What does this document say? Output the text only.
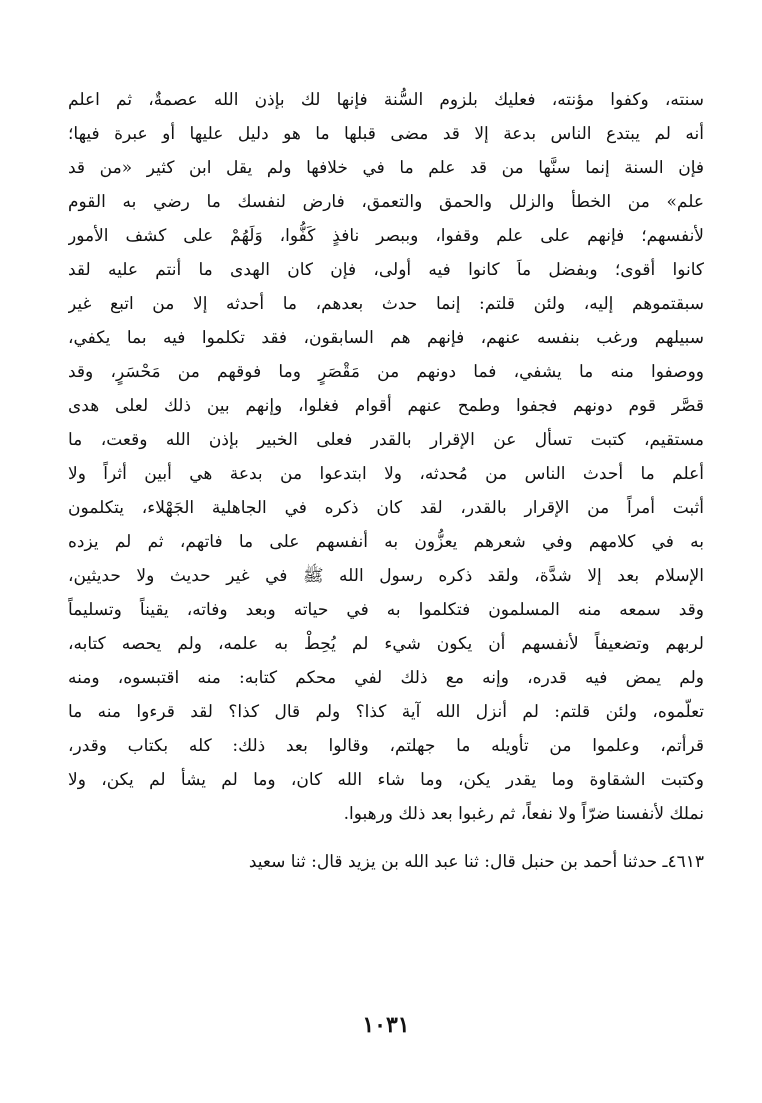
سنته، وكفوا مؤنته، فعليك بلزوم السُّنة فإنها لك بإذن الله عصمةٌ، ثم اعلم
أنه لم يبتدع الناس بدعة إلا قد مضى قبلها ما هو دليل عليها أو عبرة فيها؛
فإن السنة إنما سنَّها من قد علم ما في خلافها ولم يقل ابن كثير «من قد
علم» من الخطأ والزلل والحمق والتعمق، فارض لنفسك ما رضي به القوم
لأنفسهم؛ فإنهم على علم وقفوا، وببصر نافذٍ كَفُّوا، وَلَهُمْ على كشف الأمور
كانوا أقوى؛ وبفضل ماَ كانوا فيه أولى، فإن كان الهدى ما أنتم عليه لقد
سبقتموهم إليه، ولئن قلتم: إنما حدث بعدهم، ما أحدثه إلا من اتبع غير
سبيلهم ورغب بنفسه عنهم، فإنهم هم السابقون، فقد تكلموا فيه بما يكفي،
ووصفوا منه ما يشفي، فما دونهم من مَقْصَرٍ وما فوقهم من مَحْسَرٍ، وقد
قصَّر قوم دونهم فجفوا وطمح عنهم أقوام فغلوا، وإنهم بين ذلك لعلى هدى
مستقيم، كتبت تسأل عن الإقرار بالقدر فعلى الخبير بإذن الله وقعت، ما
أعلم ما أحدث الناس من مُحدثه، ولا ابتدعوا من بدعة هي أبين أثراً ولا
أثبت أمراً من الإقرار بالقدر، لقد كان ذكره في الجاهلية الجَهْلاء، يتكلمون
به في كلامهم وفي شعرهم يعزُّون به أنفسهم على ما فاتهم، ثم لم يزده
الإسلام بعد إلا شدَّة، ولقد ذكره رسول الله ﷺ في غير حديث ولا حديثين،
وقد سمعه منه المسلمون فتكلموا به في حياته وبعد وفاته، يقيناً وتسليماً
لربهم وتضعيفاً لأنفسهم أن يكون شيء لم يُحِطْ به علمه، ولم يحصه كتابه،
ولم يمض فيه قدره، وإنه مع ذلك لفي محكم كتابه: منه اقتبسوه، ومنه
تعلّموه، ولئن قلتم: لم أنزل الله آية كذا؟ ولم قال كذا؟ لقد قرءوا منه ما
قرأتم، وعلموا من تأويله ما جهلتم، وقالوا بعد ذلك: كله بكتاب وقدر،
وكتبت الشقاوة وما يقدر يكن، وما شاء الله كان، وما لم يشأ لم يكن، ولا
نملك لأنفسنا ضرّاً ولا نفعاً، ثم رغبوا بعد ذلك ورهبوا.
٤٦١٣ـ حدثنا أحمد بن حنبل قال: ثنا عبد الله بن يزيد قال: ثنا سعيد
١٠٣١
